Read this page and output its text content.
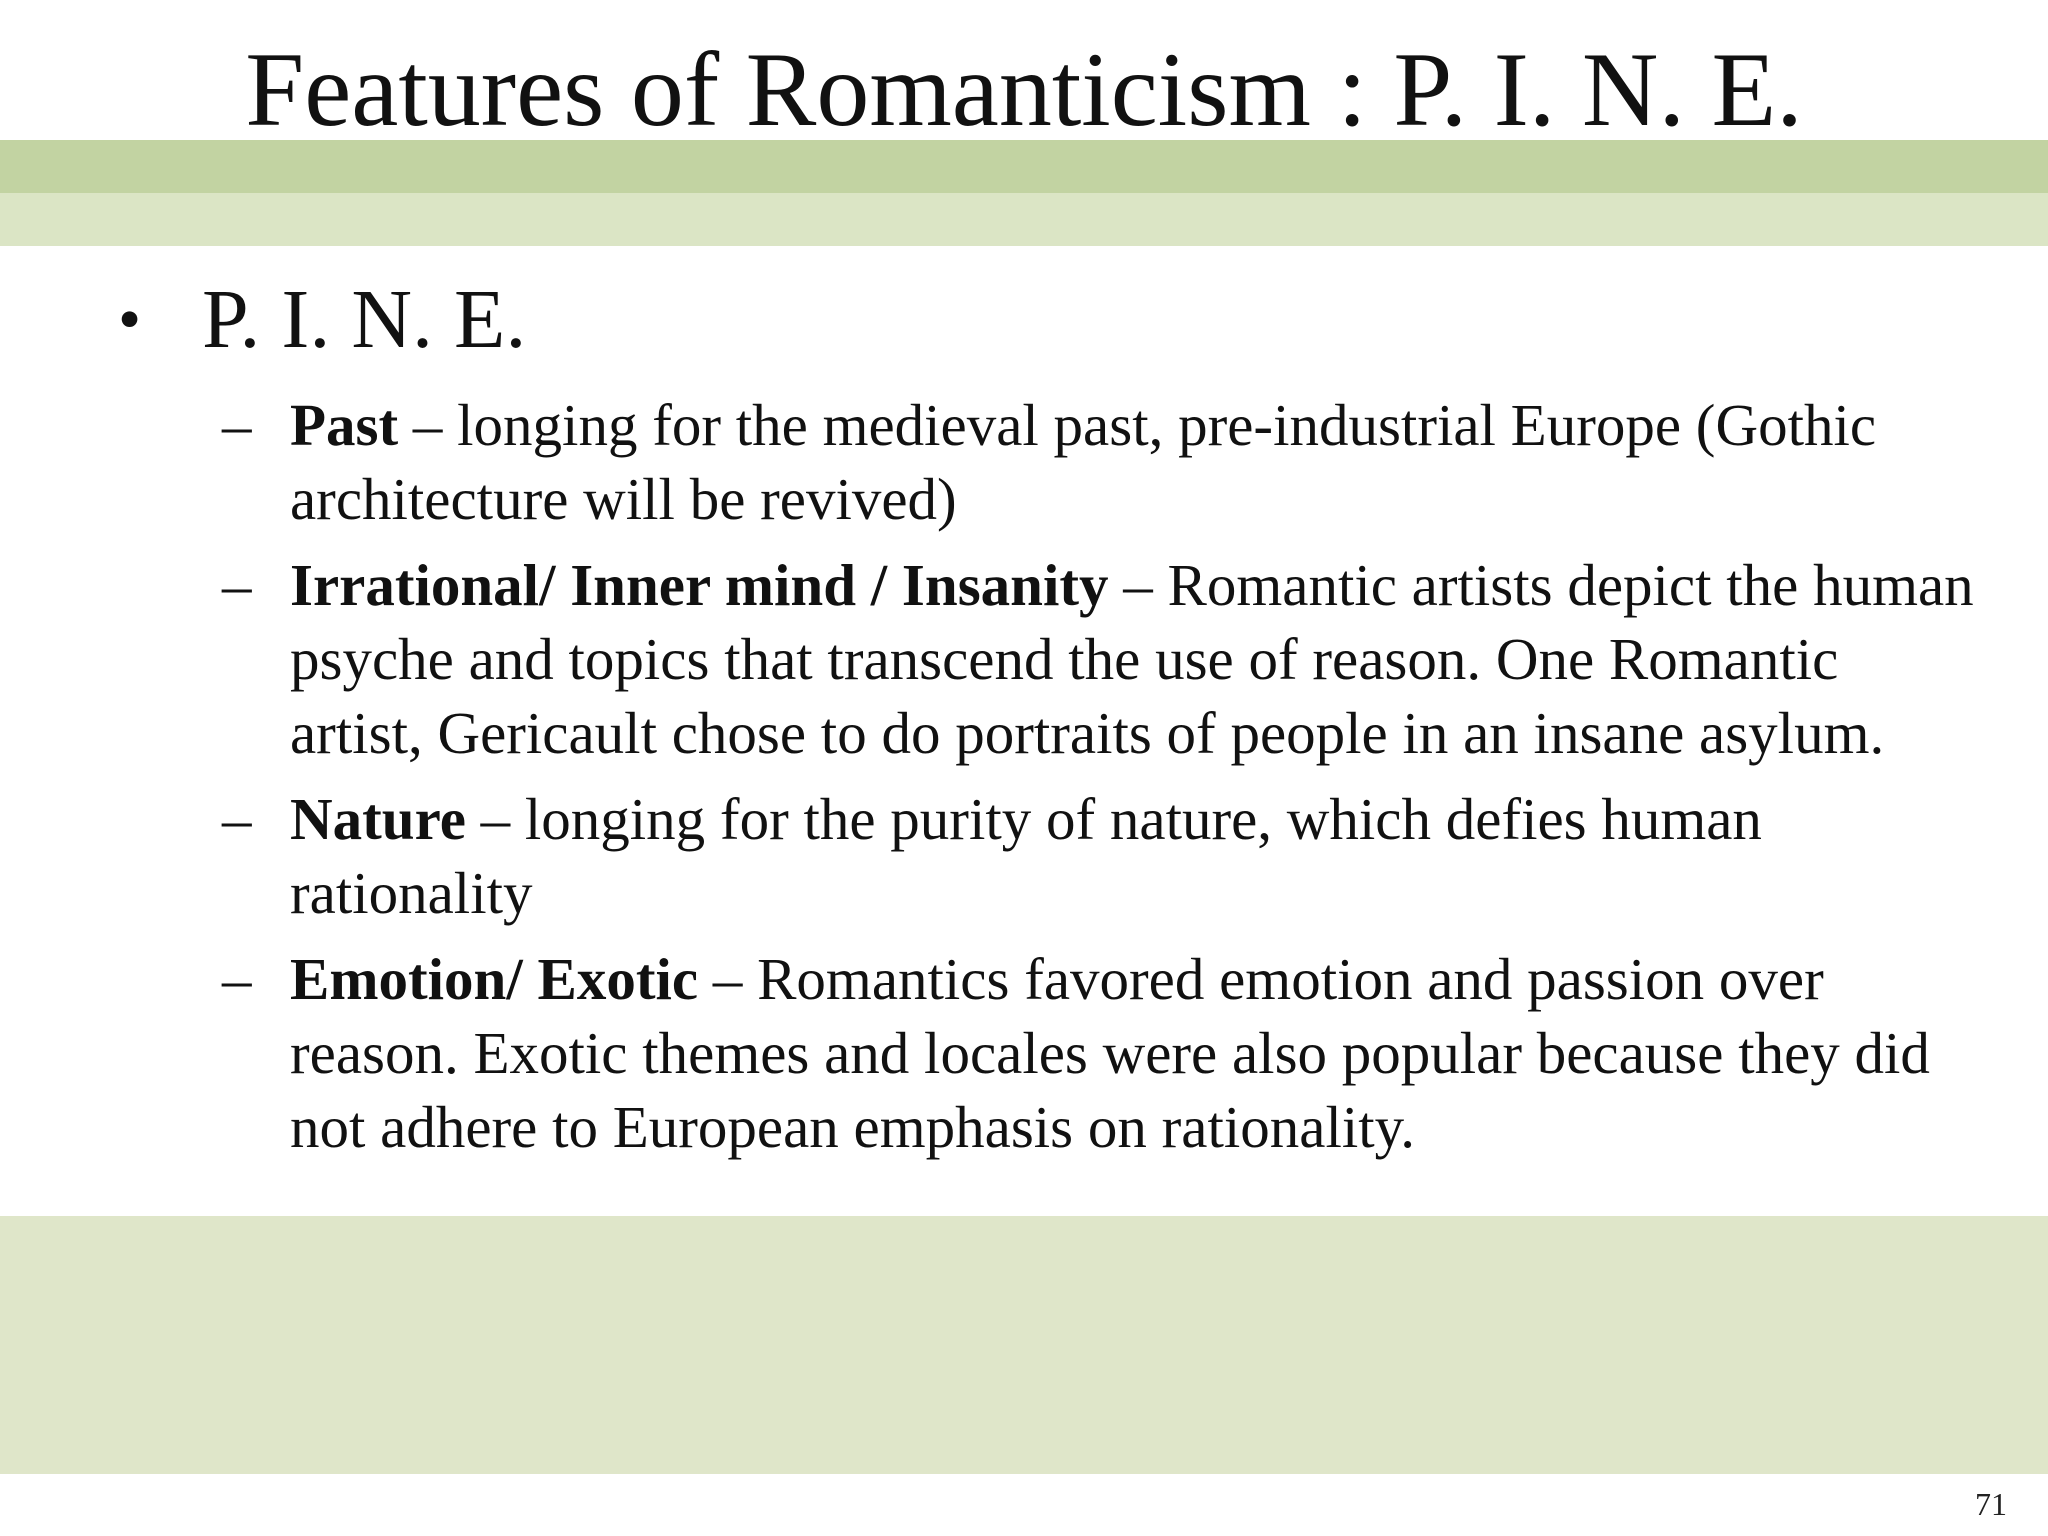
Features of Romanticism : P. I. N. E.
• P. I. N. E.
– Past – longing for the medieval past, pre-industrial Europe (Gothic architecture will be revived)
– Irrational/ Inner mind / Insanity – Romantic artists depict the human psyche and topics that transcend the use of reason. One Romantic artist, Gericault chose to do portraits of people in an insane asylum.
– Nature – longing for the purity of nature, which defies human rationality
– Emotion/ Exotic – Romantics favored emotion and passion over reason. Exotic themes and locales were also popular because they did not adhere to European emphasis on rationality.
71
